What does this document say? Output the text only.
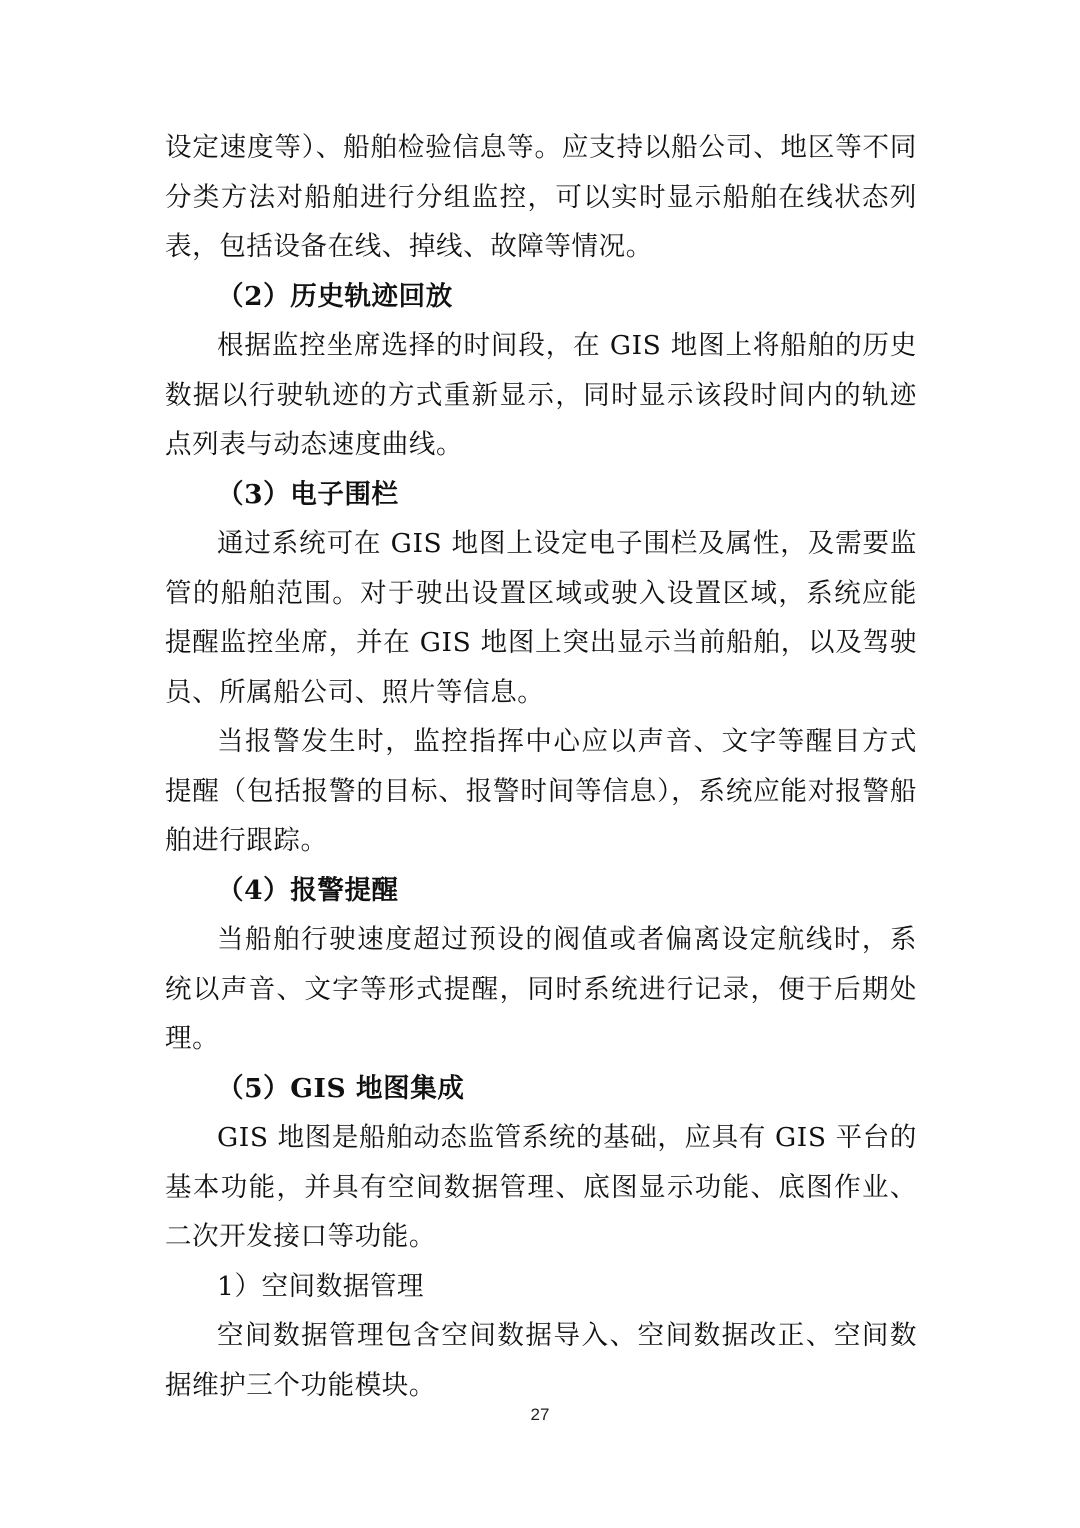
设定速度等）、船舶检验信息等。应支持以船公司、地区等不同分类方法对船舶进行分组监控，可以实时显示船舶在线状态列表，包括设备在线、掉线、故障等情况。

（2）历史轨迹回放

根据监控坐席选择的时间段，在 GIS 地图上将船舶的历史数据以行驶轨迹的方式重新显示，同时显示该段时间内的轨迹点列表与动态速度曲线。

（3）电子围栏

通过系统可在 GIS 地图上设定电子围栏及属性，及需要监管的船舶范围。对于驶出设置区域或驶入设置区域，系统应能提醒监控坐席，并在 GIS 地图上突出显示当前船舶，以及驾驶员、所属船公司、照片等信息。

当报警发生时，监控指挥中心应以声音、文字等醒目方式提醒（包括报警的目标、报警时间等信息），系统应能对报警船舶进行跟踪。

（4）报警提醒

当船舶行驶速度超过预设的阀值或者偏离设定航线时，系统以声音、文字等形式提醒，同时系统进行记录，便于后期处理。

（5）GIS 地图集成

GIS 地图是船舶动态监管系统的基础，应具有 GIS 平台的基本功能，并具有空间数据管理、底图显示功能、底图作业、二次开发接口等功能。

1）空间数据管理

空间数据管理包含空间数据导入、空间数据改正、空间数据维护三个功能模块。

27
